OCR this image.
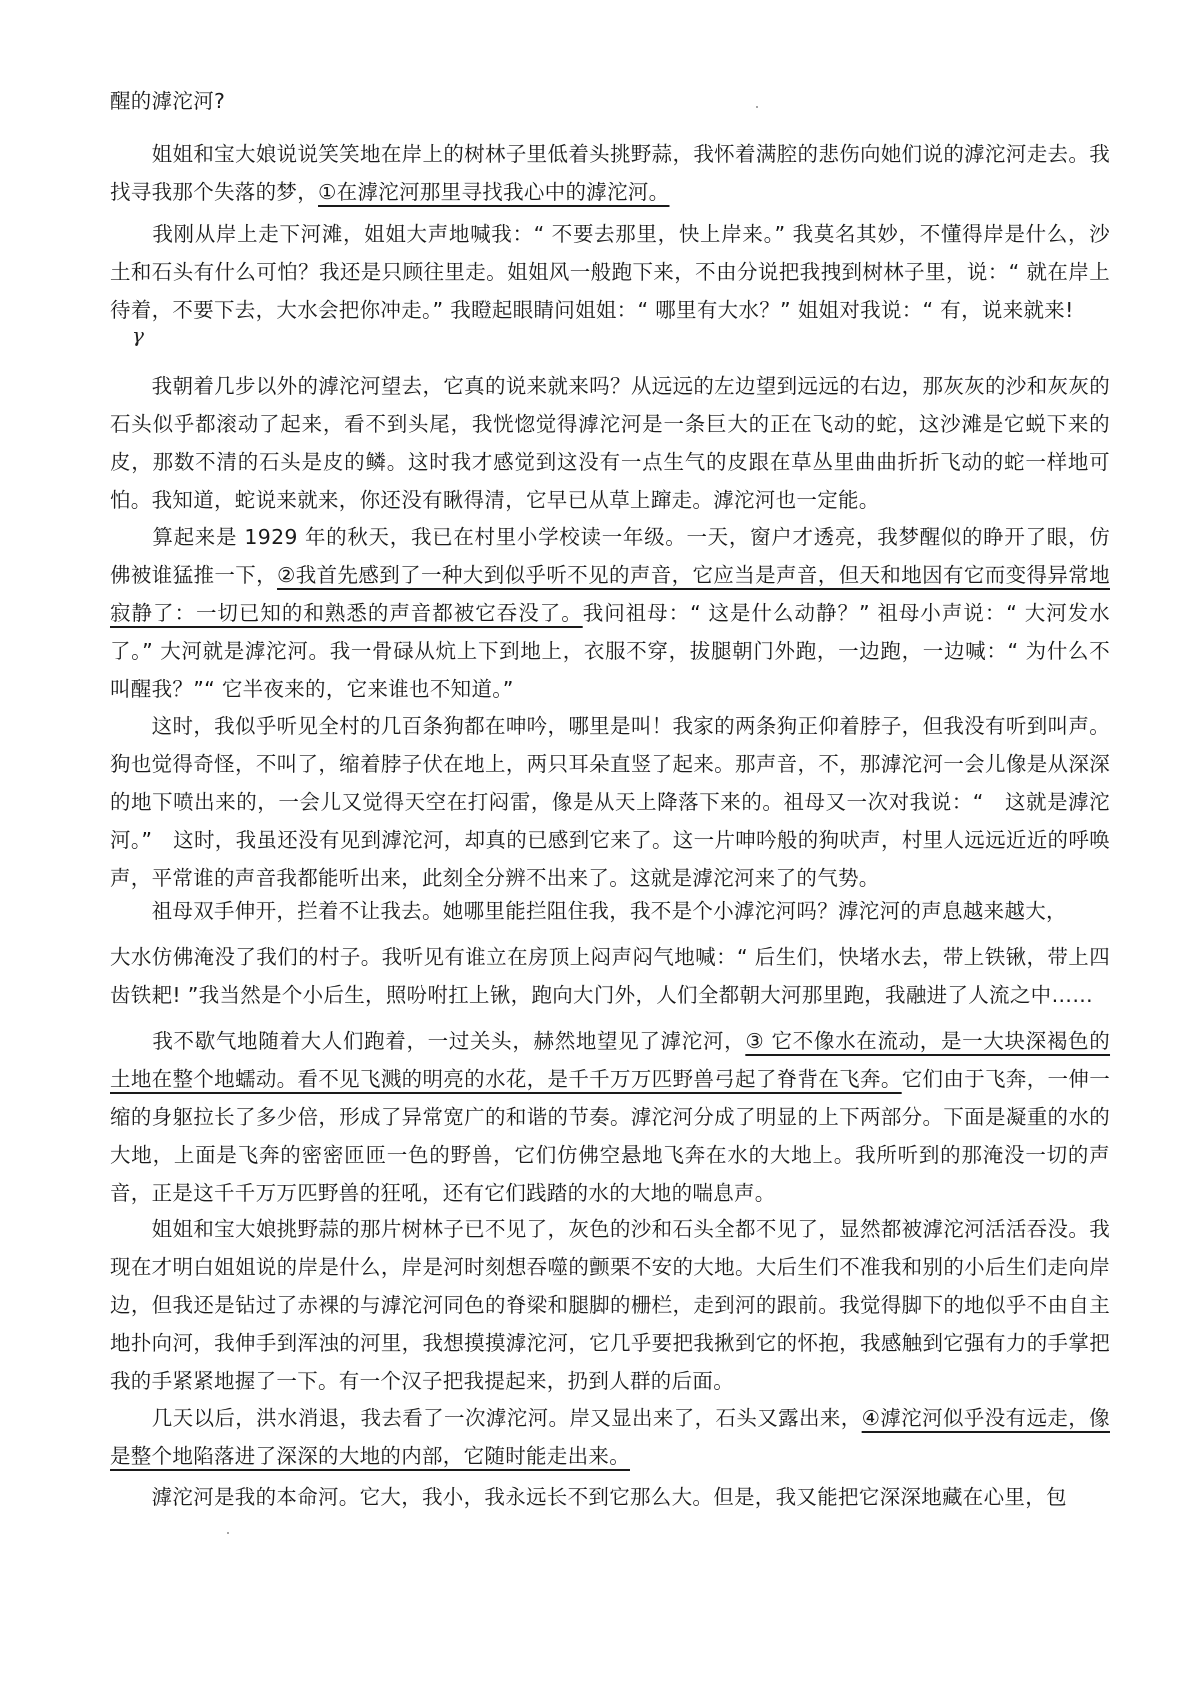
醒的滹沱河?

　　姐姐和宝大娘说说笑笑地在岸上的树林子里低着头挑野蒜，我怀着满腔的悲伤向她们说的滹沱河走去。我找寻我那个失落的梦，①在滹沱河那里寻找我心中的滹沱河。

　　我刚从岸上走下河滩，姐姐大声地喊我：“ 不要去那里，快上岸来。” 我莫名其妙，不懂得岸是什么，沙土和石头有什么可怕？我还是只顾往里走。姐姐风一般跑下来，不由分说把我拽到树林子里，说：“ 就在岸上待着，不要下去，大水会把你冲走。” 我瞪起眼睛问姐姐：“ 哪里有大水？” 姐姐对我说：“ 有，说来就来!

γ

　　我朝着几步以外的滹沱河望去，它真的说来就来吗？从远远的左边望到远远的右边，那灰灰的沙和灰灰的石头似乎都滚动了起来，看不到头尾，我恍惚觉得滹沱河是一条巨大的正在飞动的蛇，这沙滩是它蜕下来的皮，那数不清的石头是皮的鳞。这时我才感觉到这没有一点生气的皮跟在草丛里曲曲折折飞动的蛇一样地可怕。我知道，蛇说来就来，你还没有瞅得清，它早已从草上蹿走。滹沱河也一定能。

　　算起来是 1929 年的秋天，我已在村里小学校读一年级。一天，窗户才透亮，我梦醒似的睁开了眼，仿佛被谁猛推一下，②我首先感到了一种大到似乎听不见的声音，它应当是声音，但天和地因有它而变得异常地寂静了：一切已知的和熟悉的声音都被它吞没了。我问祖母：“ 这是什么动静？” 祖母小声说：“ 大河发水了。” 大河就是滹沱河。我一骨碌从炕上下到地上，衣服不穿，拔腿朝门外跑，一边跑，一边喊：“ 为什么不叫醒我？”“ 它半夜来的，它来谁也不知道。”

　　这时，我似乎听见全村的几百条狗都在呻吟，哪里是叫！我家的两条狗正仰着脖子，但我没有听到叫声。狗也觉得奇怪，不叫了，缩着脖子伏在地上，两只耳朵直竖了起来。那声音，不，那滹沱河一会儿像是从深深的地下喷出来的，一会儿又觉得天空在打闷雷，像是从天上降落下来的。祖母又一次对我说：“　这就是滹沱河。”　这时，我虽还没有见到滹沱河，却真的已感到它来了。这一片呻吟般的狗吠声，村里人远远近近的呼唤声，平常谁的声音我都能听出来，此刻全分辨不出来了。这就是滹沱河来了的气势。

　　祖母双手伸开，拦着不让我去。她哪里能拦阻住我，我不是个小滹沱河吗？滹沱河的声息越来越大，

大水仿佛淹没了我们的村子。我听见有谁立在房顶上闷声闷气地喊：“ 后生们，快堵水去，带上铁锹，带上四齿铁耙! ”我当然是个小后生，照吩咐扛上锹，跑向大门外，人们全都朝大河那里跑，我融进了人流之中……

　　我不歇气地随着大人们跑着，一过关头，赫然地望见了滹沱河，③ 它不像水在流动，是一大块深褐色的土地在整个地蠕动。看不见飞溅的明亮的水花，是千千万万匹野兽弓起了脊背在飞奔。它们由于飞奔，一伸一缩的身躯拉长了多少倍，形成了异常宽广的和谐的节奏。滹沱河分成了明显的上下两部分。下面是凝重的水的大地，上面是飞奔的密密匝匝一色的野兽，它们仿佛空悬地飞奔在水的大地上。我所听到的那淹没一切的声音，正是这千千万万匹野兽的狂吼，还有它们践踏的水的大地的喘息声。

　　姐姐和宝大娘挑野蒜的那片树林子已不见了，灰色的沙和石头全都不见了，显然都被滹沱河活活吞没。我现在才明白姐姐说的岸是什么，岸是河时刻想吞噬的颤栗不安的大地。大后生们不准我和别的小后生们走向岸边，但我还是钻过了赤裸的与滹沱河同色的脊梁和腿脚的栅栏，走到河的跟前。我觉得脚下的地似乎不由自主地扑向河，我伸手到浑浊的河里，我想摸摸滹沱河，它几乎要把我揪到它的怀抱，我感触到它强有力的手掌把我的手紧紧地握了一下。有一个汉子把我提起来，扔到人群的后面。

　　几天以后，洪水消退，我去看了一次滹沱河。岸又显出来了，石头又露出来，④滹沱河似乎没有远走，像是整个地陷落进了深深的大地的内部，它随时能走出来。

　　滹沱河是我的本命河。它大，我小，我永远长不到它那么大。但是，我又能把它深深地藏在心里，包
